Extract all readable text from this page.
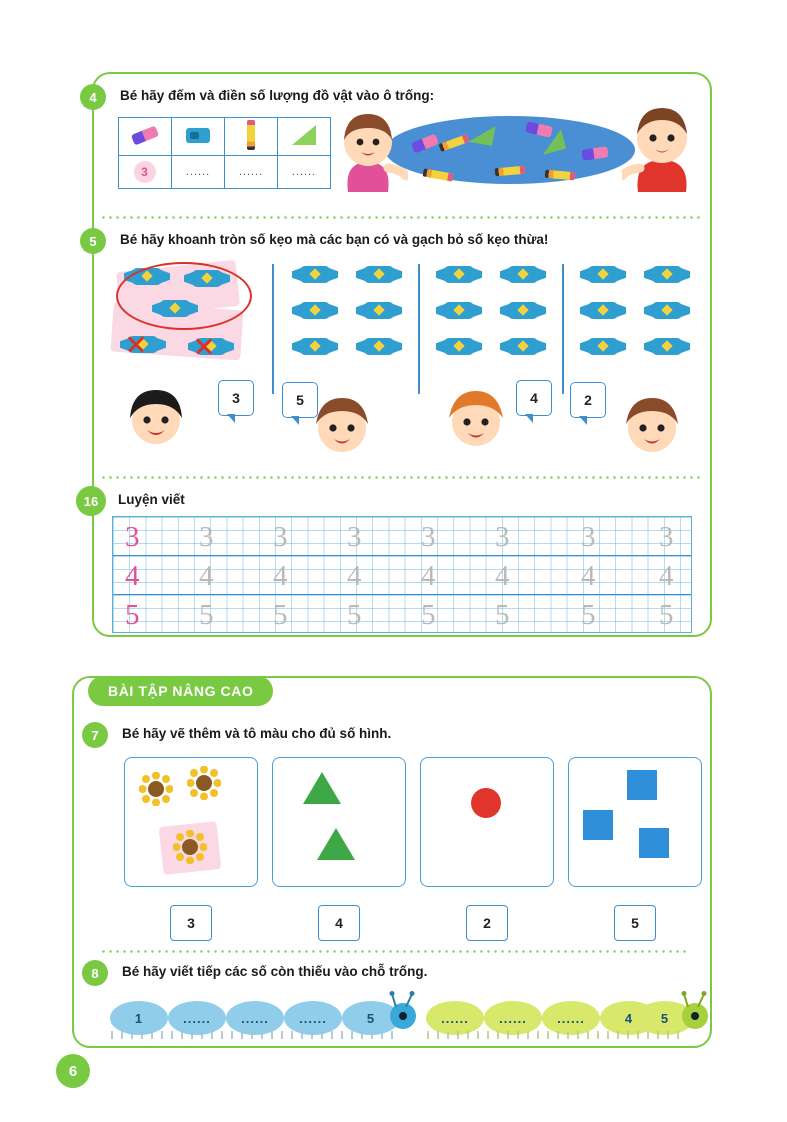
4	Bé hãy đếm và điền số lượng đồ vật vào ô trống:

3	......	......	......
5	Bé hãy khoanh tròn số kẹo mà các bạn có và gạch bỏ số kẹo thừa!
3	5	4	2
16	Luyện viết
3 3 3 3 3 3 3 3
4 4 4 4 4 4 4 4
5 5 5 5 5 5 5 5
BÀI TẬP NÂNG CAO
7	Bé hãy vẽ thêm và tô màu cho đủ số hình.
3	4	2	5
8	Bé hãy viết tiếp các số còn thiếu vào chỗ trống.
1	......	......	......	5	......	......	......	4	5
6
